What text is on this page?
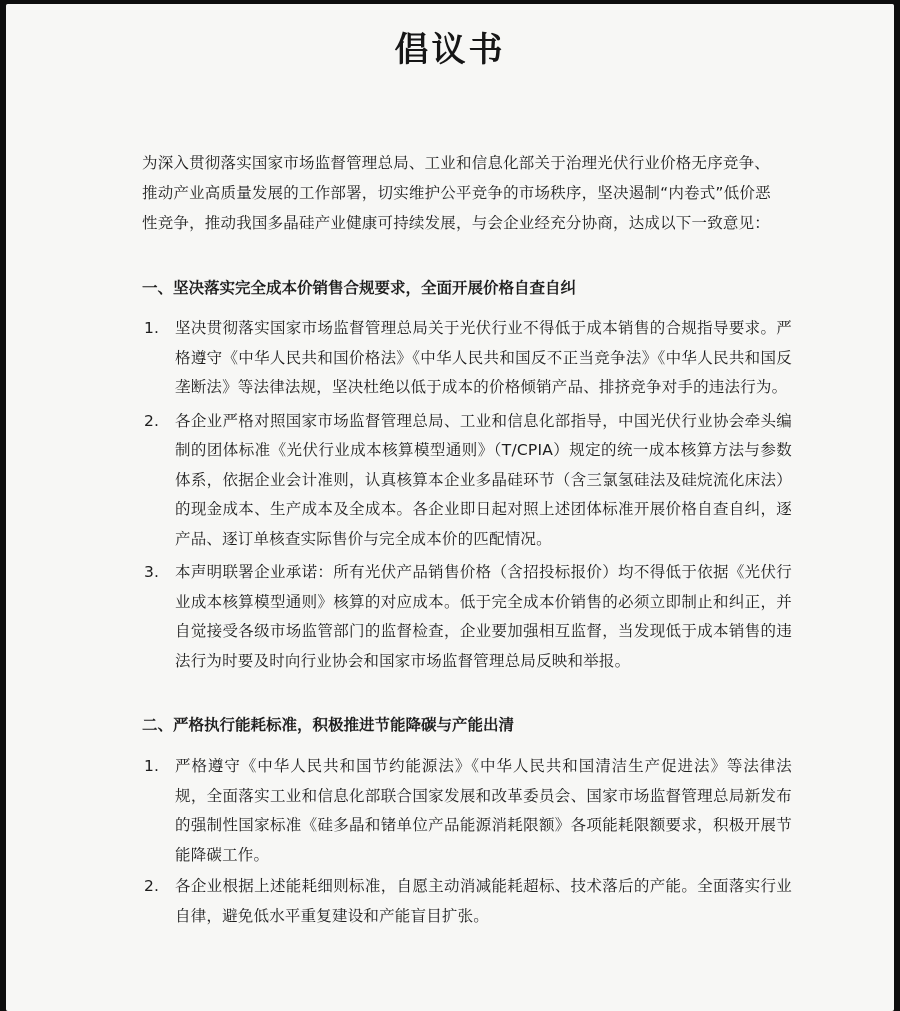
倡议书
为深入贯彻落实国家市场监督管理总局、工业和信息化部关于治理光伏行业价格无序竞争、推动产业高质量发展的工作部署，切实维护公平竞争的市场秩序，坚决遏制“内卷式”低价恶性竞争，推动我国多晶硅产业健康可持续发展，与会企业经充分协商，达成以下一致意见：
一、坚决落实完全成本价销售合规要求，全面开展价格自查自纠
1. 坚决贯彻落实国家市场监督管理总局关于光伏行业不得低于成本销售的合规指导要求。严格遵守《中华人民共和国价格法》《中华人民共和国反不正当竞争法》《中华人民共和国反垄断法》等法律法规，坚决杜绝以低于成本的价格倾销产品、排挤竞争对手的违法行为。
2. 各企业严格对照国家市场监督管理总局、工业和信息化部指导，中国光伏行业协会牵头编制的团体标准《光伏行业成本核算模型通则》（T/CPIA）规定的统一成本核算方法与参数体系，依据企业会计准则，认真核算本企业多晶硅环节（含三氯氢硅法及硅烷流化床法）的现金成本、生产成本及全成本。各企业即日起对照上述团体标准开展价格自查自纠，逐产品、逐订单核查实际售价与完全成本价的匹配情况。
3. 本声明联署企业承诺：所有光伏产品销售价格（含招投标报价）均不得低于依据《光伏行业成本核算模型通则》核算的对应成本。低于完全成本价销售的必须立即制止和纠正，并自觉接受各级市场监管部门的监督检查，企业要加强相互监督，当发现低于成本销售的违法行为时要及时向行业协会和国家市场监督管理总局反映和举报。
二、严格执行能耗标准，积极推进节能降碳与产能出清
1. 严格遵守《中华人民共和国节约能源法》《中华人民共和国清洁生产促进法》等法律法规，全面落实工业和信息化部联合国家发展和改革委员会、国家市场监督管理总局新发布的强制性国家标准《硅多晶和锗单位产品能源消耗限额》各项能耗限额要求，积极开展节能降碳工作。
2. 各企业根据上述能耗细则标准，自愿主动消减能耗超标、技术落后的产能。全面落实行业自律，避免低水平重复建设和产能盲目扩张。
